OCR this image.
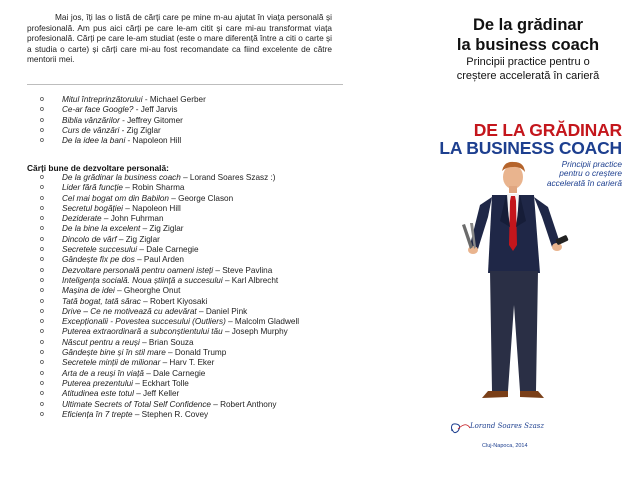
Mai jos, îți las o listă de cărți care pe mine m-au ajutat în viața personală și profesională. Am pus aici cărți pe care le-am citit și care mi-au transformat viața profesională. Cărți pe care le-am studiat (este o mare diferență între a citi o carte și a studia o carte) și cărți care mi-au fost recomandate ca fiind excelente de către mentorii mei.

o Mitul întreprinzătorului - Michael Gerber
o Ce-ar face Google? - Jeff Jarvis
o Biblia vânzărilor - Jeffrey Gitomer
o Curs de vânzări - Zig Ziglar
o De la idee la bani - Napoleon Hill
Cărți bune de dezvoltare personală:
o De la grădinar la business coach – Lorand Soares Szasz :)
o Lider fără funcție – Robin Sharma
o Cel mai bogat om din Babilon – George Clason
o Secretul bogăției – Napoleon Hill
o Deziderate – John Fuhrman
o De la bine la excelent – Zig Ziglar
o Dincolo de vârf – Zig Ziglar
o Secretele succesului – Dale Carnegie
o Gândește fix pe dos – Paul Arden
o Dezvoltare personală pentru oameni isteți – Steve Pavlina
o Inteligența socială. Noua știință a succesului – Karl Albrecht
o Mașina de idei – Gheorghe Onut
o Tată bogat, tată sărac – Robert Kiyosaki
o Drive – Ce ne motivează cu adevărat – Daniel Pink
o Excepționalii - Povestea succesului (Outliers) – Malcolm Gladwell
o Puterea extraordinară a subconștientului tău – Joseph Murphy
o Născut pentru a reuși – Brian Souza
o Gândește bine și în stil mare – Donald Trump
o Secretele minții de milionar – Harv T. Eker
o Arta de a reuși în viață – Dale Carnegie
o Puterea prezentului – Eckhart Tolle
o Atitudinea este totul – Jeff Keller
o Ultimate Secrets of Total Self Confidence – Robert Anthony
o Eficiența în 7 trepte – Stephen R. Covey
De la grădinar
la business coach
Principii practice pentru o
creștere accelerată în carieră
DE LA GRĂDINAR
LA BUSINESS COACH
Principii practice
pentru o creștere
accelerată în carieră
Lorand Soares Szasz
Cluj-Napoca, 2014
